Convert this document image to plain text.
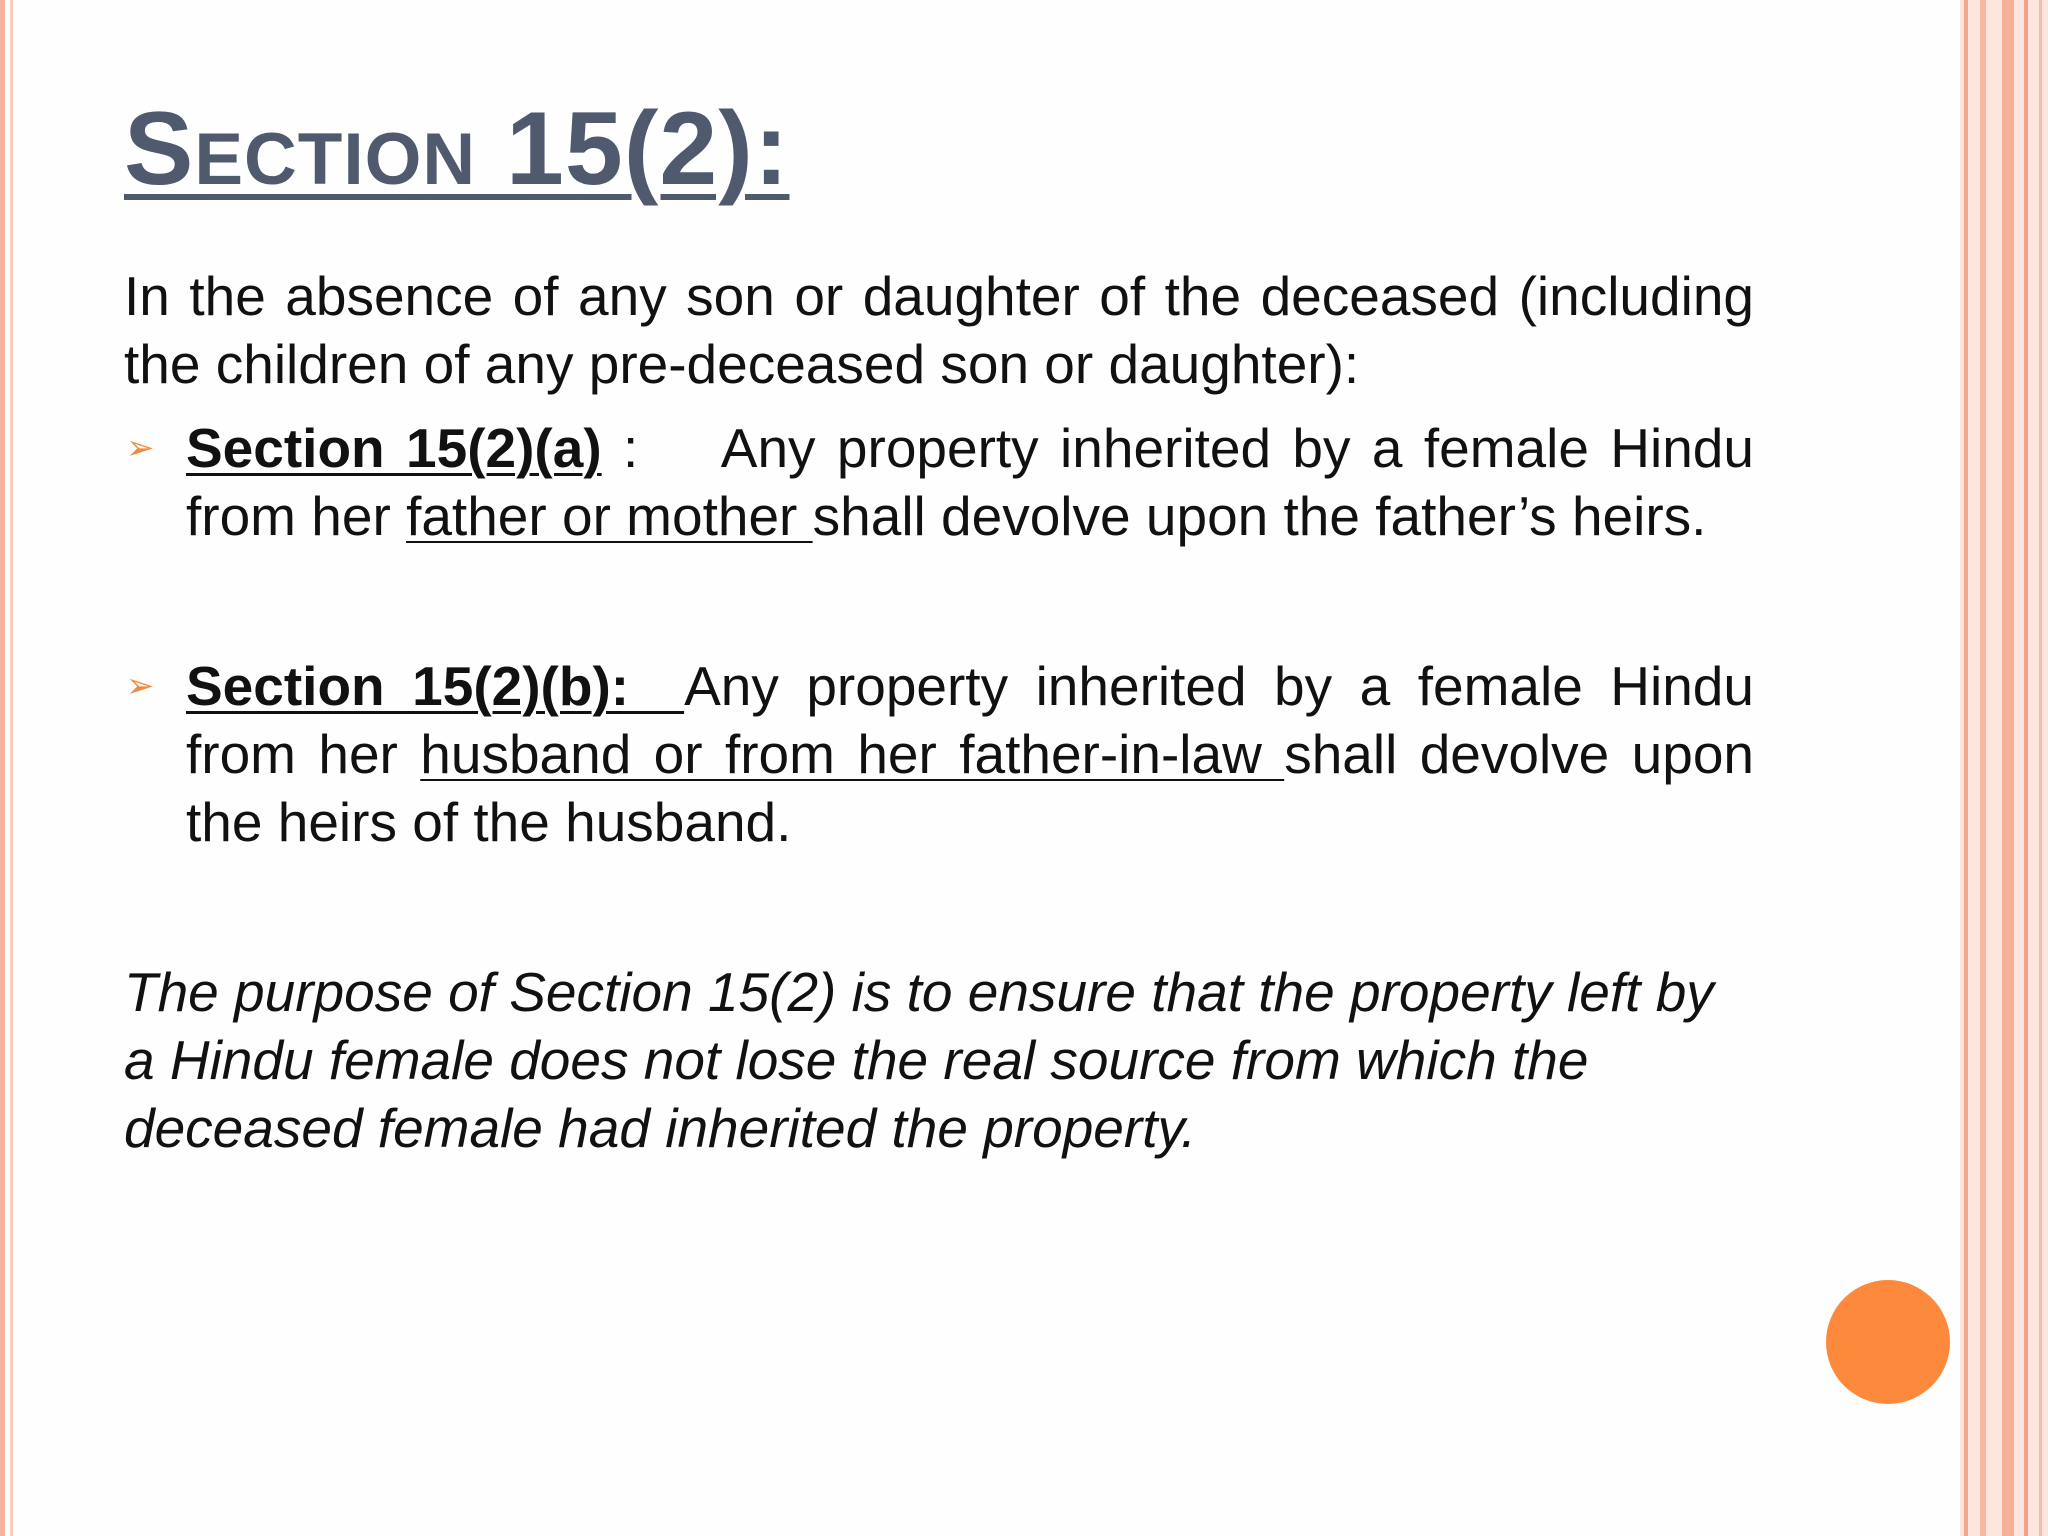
Section 15(2):

In the absence of any son or daughter of the deceased (including the children of any pre-deceased son or daughter):

➢ Section 15(2)(a) :    Any property inherited by a female Hindu from her father or mother shall devolve upon the father’s heirs.
➢ Section 15(2)(b):  Any property inherited by a female Hindu from her husband or from her father-in-law shall devolve upon the heirs of the husband.

The purpose of Section 15(2) is to ensure that the property left by a Hindu female does not lose the real source from which the deceased female had inherited the property.
